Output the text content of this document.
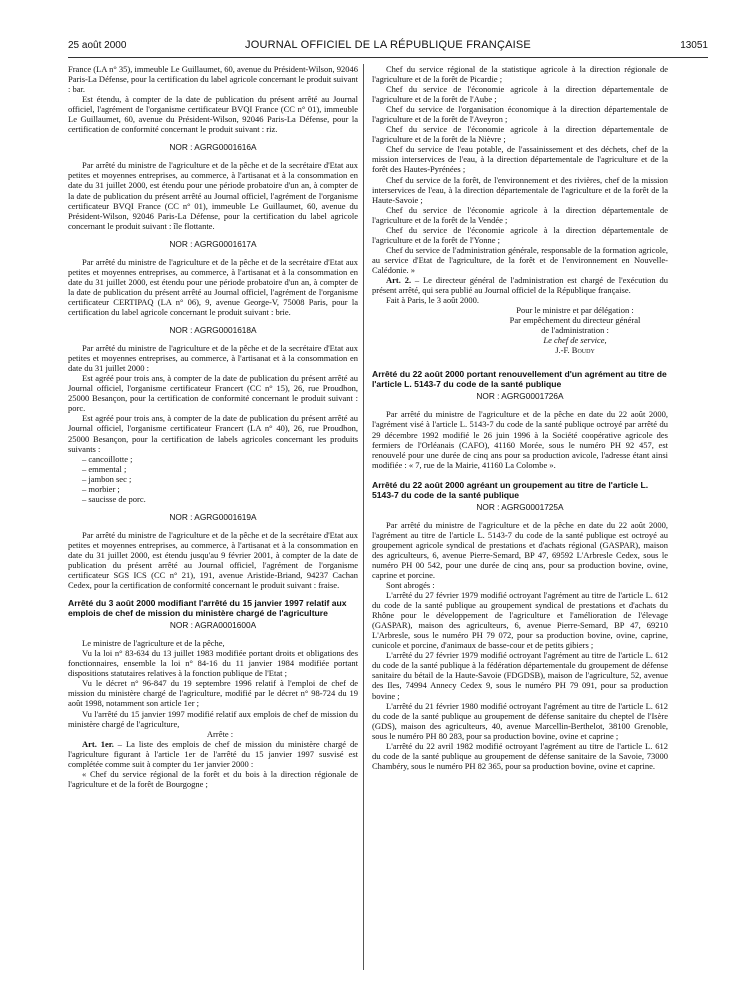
25 août 2000	JOURNAL OFFICIEL DE LA RÉPUBLIQUE FRANÇAISE	13051

France (LA n° 35), immeuble Le Guillaumet, 60, avenue du Président-Wilson, 92046 Paris-La Défense, pour la certification du label agricole concernant le produit suivant : bar.

Est étendu, à compter de la date de publication du présent arrêté au Journal officiel, l'agrément de l'organisme certificateur BVQI France (CC n° 01), immeuble Le Guillaumet, 60, avenue du Président-Wilson, 92046 Paris-La Défense, pour la certification de conformité concernant le produit suivant : riz.

NOR : AGRG0001616A

Par arrêté du ministre de l'agriculture et de la pêche et de la secrétaire d'Etat aux petites et moyennes entreprises, au commerce, à l'artisanat et à la consommation en date du 31 juillet 2000, est étendu pour une période probatoire d'un an, à compter de la date de publication du présent arrêté au Journal officiel, l'agrément de l'organisme certificateur BVQI France (CC n° 01), immeuble Le Guillaumet, 60, avenue du Président-Wilson, 92046 Paris-La Défense, pour la certification du label agricole concernant le produit suivant : île flottante.

NOR : AGRG0001617A

Par arrêté du ministre de l'agriculture et de la pêche et de la secrétaire d'Etat aux petites et moyennes entreprises, au commerce, à l'artisanat et à la consommation en date du 31 juillet 2000, est étendu pour une période probatoire d'un an, à compter de la date de publication du présent arrêté au Journal officiel, l'agrément de l'organisme certificateur CERTIPAQ (LA n° 06), 9, avenue George-V, 75008 Paris, pour la certification du label agricole concernant le produit suivant : brie.

NOR : AGRG0001618A

Par arrêté du ministre de l'agriculture et de la pêche et de la secrétaire d'Etat aux petites et moyennes entreprises, au commerce, à l'artisanat et à la consommation en date du 31 juillet 2000 :

Est agréé pour trois ans, à compter de la date de publication du présent arrêté au Journal officiel, l'organisme certificateur Francert (CC n° 15), 26, rue Proudhon, 25000 Besançon, pour la certification de conformité concernant le produit suivant : porc.

Est agréé pour trois ans, à compter de la date de publication du présent arrêté au Journal officiel, l'organisme certificateur Francert (LA n° 40), 26, rue Proudhon, 25000 Besançon, pour la certification de labels agricoles concernant les produits suivants :

– cancoillotte ;
– emmental ;
– jambon sec ;
– morbier ;
– saucisse de porc.
NOR : AGRG0001619A

Par arrêté du ministre de l'agriculture et de la pêche et de la secrétaire d'Etat aux petites et moyennes entreprises, au commerce, à l'artisanat et à la consommation en date du 31 juillet 2000, est étendu jusqu'au 9 février 2001, à compter de la date de publication du présent arrêté au Journal officiel, l'agrément de l'organisme certificateur SGS ICS (CC n° 21), 191, avenue Aristide-Briand, 94237 Cachan Cedex, pour la certification de conformité concernant le produit suivant : fraise.

Arrêté du 3 août 2000 modifiant l'arrêté du 15 janvier 1997 relatif aux emplois de chef de mission du ministère chargé de l'agriculture
NOR : AGRA0001600A

Le ministre de l'agriculture et de la pêche,

Vu la loi n° 83-634 du 13 juillet 1983 modifiée portant droits et obligations des fonctionnaires, ensemble la loi n° 84-16 du 11 janvier 1984 modifiée portant dispositions statutaires relatives à la fonction publique de l'Etat ;

Vu le décret n° 96-847 du 19 septembre 1996 relatif à l'emploi de chef de mission du ministère chargé de l'agriculture, modifié par le décret n° 98-724 du 19 août 1998, notamment son article 1er ;

Vu l'arrêté du 15 janvier 1997 modifié relatif aux emplois de chef de mission du ministère chargé de l'agriculture,

Arrête :

Art. 1er. – La liste des emplois de chef de mission du ministère chargé de l'agriculture figurant à l'article 1er de l'arrêté du 15 janvier 1997 susvisé est complétée comme suit à compter du 1er janvier 2000 :

« Chef du service régional de la forêt et du bois à la direction régionale de l'agriculture et de la forêt de Bourgogne ;

Chef du service régional de la statistique agricole à la direction régionale de l'agriculture et de la forêt de Picardie ;

Chef du service de l'économie agricole à la direction départementale de l'agriculture et de la forêt de l'Aube ;

Chef du service de l'organisation économique à la direction départementale de l'agriculture et de la forêt de l'Aveyron ;

Chef du service de l'économie agricole à la direction départementale de l'agriculture et de la forêt de la Nièvre ;

Chef du service de l'eau potable, de l'assainissement et des déchets, chef de la mission interservices de l'eau, à la direction départementale de l'agriculture et de la forêt des Hautes-Pyrénées ;

Chef du service de la forêt, de l'environnement et des rivières, chef de la mission interservices de l'eau, à la direction départementale de l'agriculture et de la forêt de la Haute-Savoie ;

Chef du service de l'économie agricole à la direction départementale de l'agriculture et de la forêt de la Vendée ;

Chef du service de l'économie agricole à la direction départementale de l'agriculture et de la forêt de l'Yonne ;

Chef du service de l'administration générale, responsable de la formation agricole, au service d'Etat de l'agriculture, de la forêt et de l'environnement en Nouvelle-Calédonie. »

Art. 2. – Le directeur général de l'administration est chargé de l'exécution du présent arrêté, qui sera publié au Journal officiel de la République française.

Fait à Paris, le 3 août 2000.

Pour le ministre et par délégation :
Par empêchement du directeur général
de l'administration :
Le chef de service,
J.-F. Boudy
Arrêté du 22 août 2000 portant renouvellement d'un agrément au titre de l'article L. 5143-7 du code de la santé publique
NOR : AGRG0001726A

Par arrêté du ministre de l'agriculture et de la pêche en date du 22 août 2000, l'agrément visé à l'article L. 5143-7 du code de la santé publique octroyé par arrêté du 29 décembre 1992 modifié le 26 juin 1996 à la Société coopérative agricole des fermiers de l'Orléanais (CAFO), 41160 Morée, sous le numéro PH 92 457, est renouvelé pour une durée de cinq ans pour sa production avicole, l'adresse étant ainsi modifiée : « 7, rue de la Mairie, 41160 La Colombe ».

Arrêté du 22 août 2000 agréant un groupement au titre de l'article L. 5143-7 du code de la santé publique
NOR : AGRG0001725A

Par arrêté du ministre de l'agriculture et de la pêche en date du 22 août 2000, l'agrément au titre de l'article L. 5143-7 du code de la santé publique est octroyé au groupement agricole syndical de prestations et d'achats régional (GASPAR), maison des agriculteurs, 6, avenue Pierre-Semard, BP 47, 69592 L'Arbresle Cedex, sous le numéro PH 00 542, pour une durée de cinq ans, pour sa production bovine, ovine, caprine et porcine.

Sont abrogés :

L'arrêté du 27 février 1979 modifié octroyant l'agrément au titre de l'article L. 612 du code de la santé publique au groupement syndical de prestations et d'achats du Rhône pour le développement de l'agriculture et l'amélioration de l'élevage (GASPAR), maison des agriculteurs, 6, avenue Pierre-Semard, BP 47, 69210 L'Arbresle, sous le numéro PH 79 072, pour sa production bovine, ovine, caprine, cunicole et porcine, d'animaux de basse-cour et de petits gibiers ;

L'arrêté du 27 février 1979 modifié octroyant l'agrément au titre de l'article L. 612 du code de la santé publique à la fédération départementale du groupement de défense sanitaire du bétail de la Haute-Savoie (FDGDSB), maison de l'agriculture, 52, avenue des Iles, 74994 Annecy Cedex 9, sous le numéro PH 79 091, pour sa production bovine ;

L'arrêté du 21 février 1980 modifié octroyant l'agrément au titre de l'article L. 612 du code de la santé publique au groupement de défense sanitaire du cheptel de l'Isère (GDS), maison des agriculteurs, 40, avenue Marcellin-Berthelot, 38100 Grenoble, sous le numéro PH 80 283, pour sa production bovine, ovine et caprine ;

L'arrêté du 22 avril 1982 modifié octroyant l'agrément au titre de l'article L. 612 du code de la santé publique au groupement de défense sanitaire de la Savoie, 73000 Chambéry, sous le numéro PH 82 365, pour sa production bovine, ovine et caprine.
